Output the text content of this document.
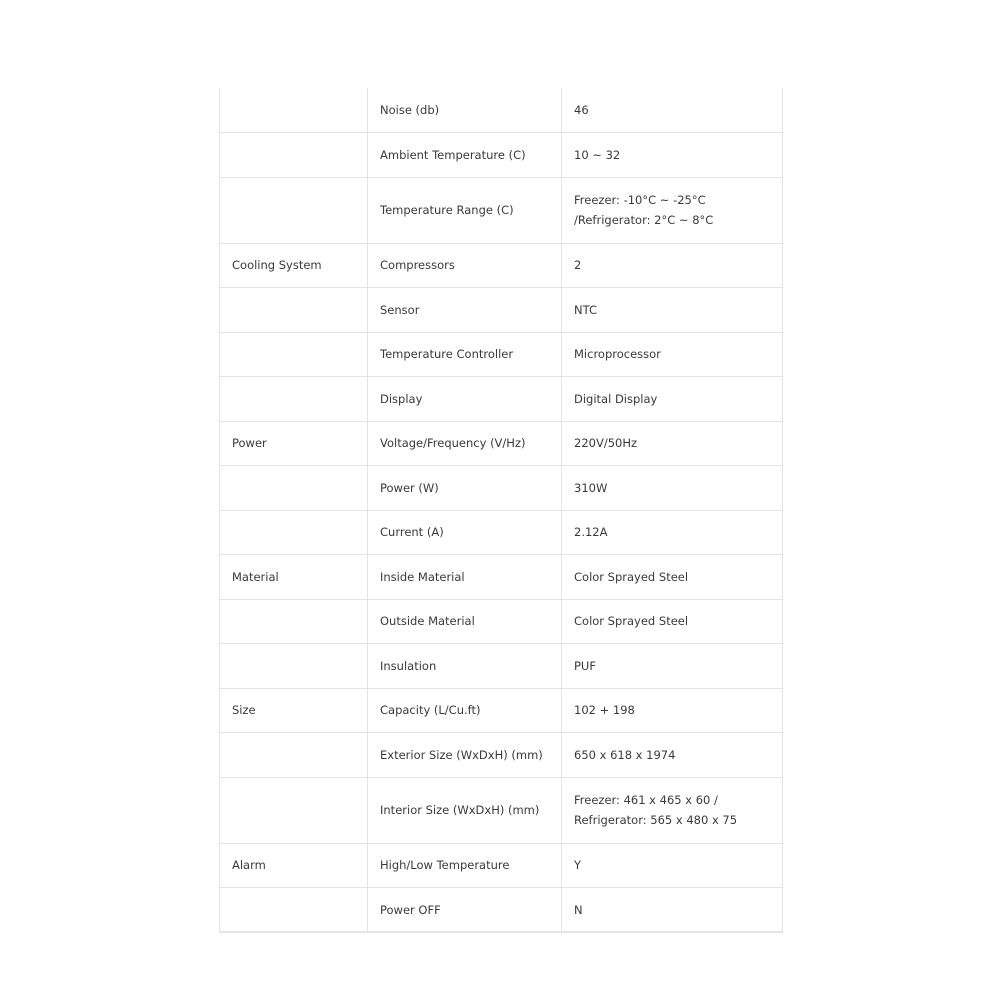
	Noise (db)	46
	Ambient Temperature (C)	10 ~ 32
	Temperature Range (C)	Freezer: -10°C ~ -25°C /Refrigerator: 2°C ~ 8°C
Cooling System	Compressors	2
	Sensor	NTC
	Temperature Controller	Microprocessor
	Display	Digital Display
Power	Voltage/Frequency (V/Hz)	220V/50Hz
	Power (W)	310W
	Current (A)	2.12A
Material	Inside Material	Color Sprayed Steel
	Outside Material	Color Sprayed Steel
	Insulation	PUF
Size	Capacity (L/Cu.ft)	102 + 198
	Exterior Size (WxDxH) (mm)	650 x 618 x 1974
	Interior Size (WxDxH) (mm)	Freezer: 461 x 465 x 60 / Refrigerator: 565 x 480 x 75
Alarm	High/Low Temperature	Y
	Power OFF	N
